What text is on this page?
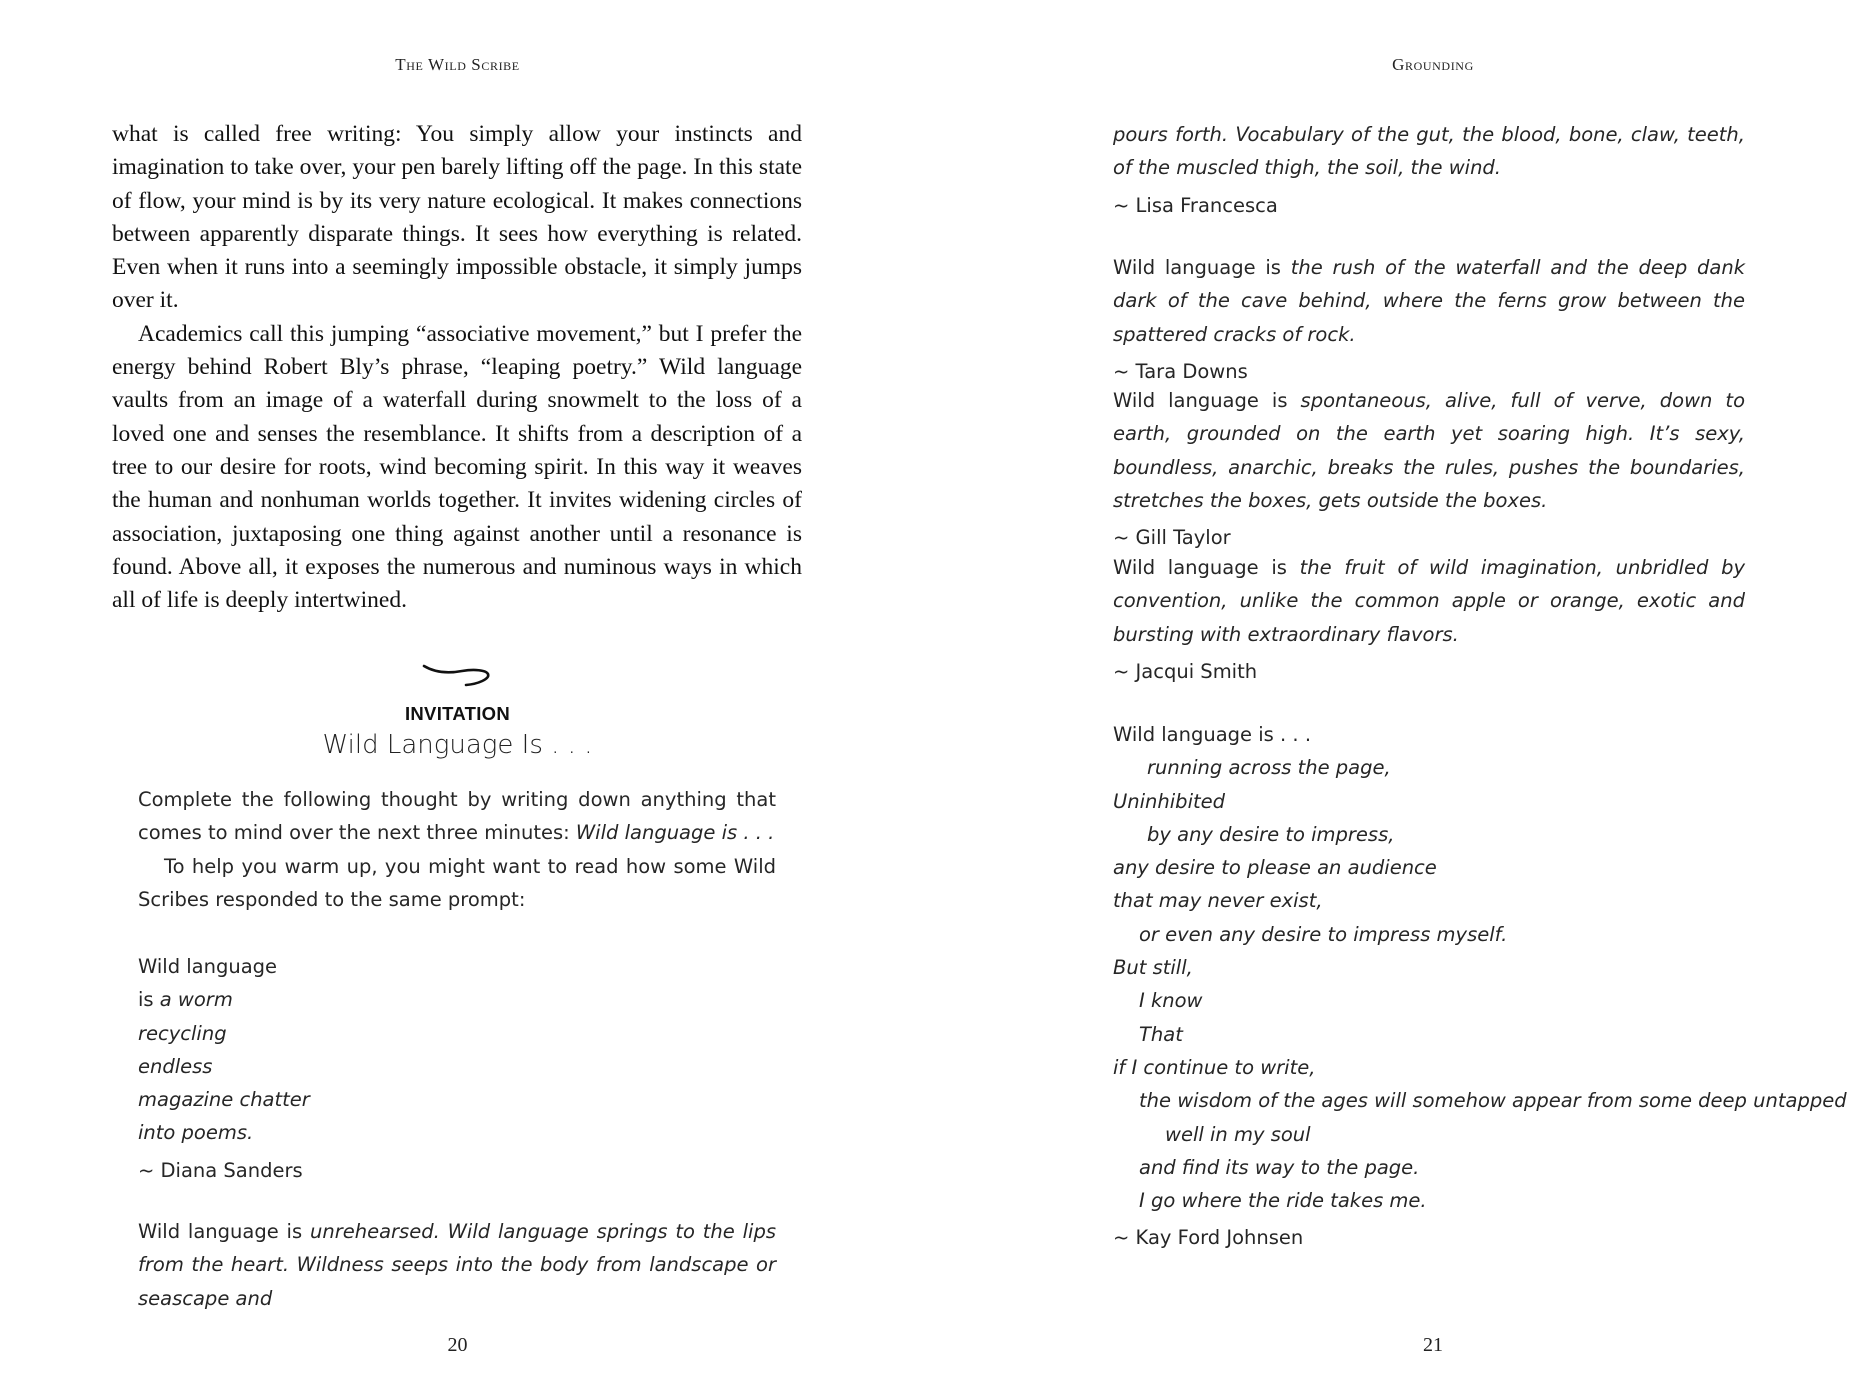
The Wild Scribe

what is called free writing: You simply allow your instincts and imagination to take over, your pen barely lifting off the page. In this state of flow, your mind is by its very nature ecological. It makes connections between apparently disparate things. It sees how everything is related. Even when it runs into a seemingly impossible obstacle, it simply jumps over it.

Academics call this jumping “associative movement,” but I prefer the energy behind Robert Bly’s phrase, “leaping poetry.” Wild language vaults from an image of a waterfall during snowmelt to the loss of a loved one and senses the resemblance. It shifts from a description of a tree to our desire for roots, wind becoming spirit. In this way it weaves the human and nonhuman worlds together. It invites widening circles of association, juxtaposing one thing against another until a resonance is found. Above all, it exposes the numerous and numinous ways in which all of life is deeply intertwined.

INVITATION
Wild Language Is . . .

Complete the following thought by writing down anything that comes to mind over the next three minutes: Wild language is . . .

To help you warm up, you might want to read how some Wild Scribes responded to the same prompt:

Wild language
is a worm
recycling
endless
magazine chatter
into poems.
~ Diana Sanders
Wild language is unrehearsed. Wild language springs to the lips from the heart. Wildness seeps into the body from landscape or seascape and
20
Grounding
pours forth. Vocabulary of the gut, the blood, bone, claw, teeth, of the muscled thigh, the soil, the wind.
~ Lisa Francesca
Wild language is the rush of the waterfall and the deep dank dark of the cave behind, where the ferns grow between the spattered cracks of rock.
~ Tara Downs
Wild language is spontaneous, alive, full of verve, down to earth, grounded on the earth yet soaring high. It’s sexy, boundless, anarchic, breaks the rules, pushes the boundaries, stretches the boxes, gets outside the boxes.
~ Gill Taylor
Wild language is the fruit of wild imagination, unbridled by convention, unlike the common apple or orange, exotic and bursting with extraordinary flavors.
~ Jacqui Smith
Wild language is . . .
running across the page,
Uninhibited
by any desire to impress,
any desire to please an audience
that may never exist,
or even any desire to impress myself.
But still,
I know
That
if I continue to write,
the wisdom of the ages will somehow appear from some deep untapped
well in my soul
and find its way to the page.
I go where the ride takes me.
~ Kay Ford Johnsen
21
